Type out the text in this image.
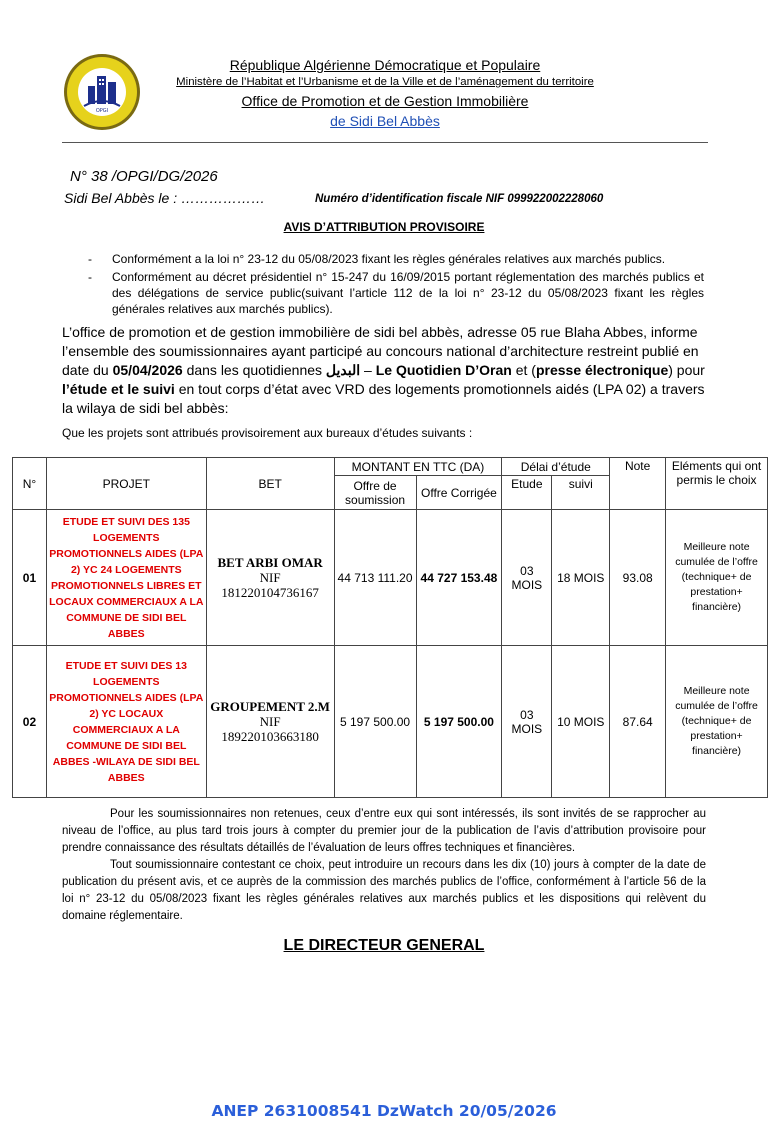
OPGI
République Algérienne Démocratique et Populaire
Ministère de l’Habitat et l’Urbanisme et de la Ville et de l’aménagement du territoire
Office de Promotion et de Gestion Immobilière
de Sidi Bel Abbès
N° 38 /OPGI/DG/2026
Sidi Bel Abbès le : ………………	Numéro d’identification fiscale NIF 099922002228060
AVIS D’ATTRIBUTION PROVISOIRE
-	Conformément a la loi n° 23-12 du 05/08/2023 fixant les règles générales relatives aux marchés publics.
-	Conformément au décret présidentiel n° 15-247 du 16/09/2015 portant réglementation des marchés publics et des délégations de service public(suivant l’article 112 de la loi n° 23-12 du 05/08/2023 fixant les règles générales relatives aux marchés publics).
L’office de promotion et de gestion immobilière de sidi bel abbès, adresse 05 rue Blaha Abbes, informe l’ensemble des soumissionnaires ayant participé au concours national d’architecture restreint publié en date du 05/04/2026 dans les quotidiennes البديل – Le Quotidien D’Oran et (presse électronique) pour l’étude et le suivi en tout corps d’état avec VRD des logements promotionnels aidés (LPA 02) a travers la wilaya de sidi bel abbès:
Que les projets sont attribués provisoirement aux bureaux d’études suivants :
N°	PROJET	BET	MONTANT EN TTC (DA)		Délai d’étude		Note	Eléments qui ont permis le choix
			Offre de soumission	Offre Corrigée	Etude	suivi		
01	ETUDE ET SUIVI DES 135 LOGEMENTS PROMOTIONNELS AIDES (LPA 2) YC 24 LOGEMENTS PROMOTIONNELS LIBRES ET LOCAUX COMMERCIAUX A LA COMMUNE DE SIDI BEL ABBES	BET ARBI OMAR
NIF
181220104736167	44 713 111.20	44 727 153.48	03 MOIS	18 MOIS	93.08	Meilleure note cumulée de l’offre (technique+ de prestation+ financière)
02	ETUDE ET SUIVI DES 13 LOGEMENTS PROMOTIONNELS AIDES (LPA 2) YC LOCAUX COMMERCIAUX A LA COMMUNE DE SIDI BEL ABBES -WILAYA DE SIDI BEL ABBES	GROUPEMENT 2.M
NIF
189220103663180	5 197 500.00	5 197 500.00	03 MOIS	10 MOIS	87.64	Meilleure note cumulée de l’offre (technique+ de prestation+ financière)

Pour les soumissionnaires non retenues, ceux d’entre eux qui sont intéressés, ils sont invités de se rapprocher au niveau de l’office, au plus tard trois jours à compter du premier jour de la publication de l’avis d’attribution provisoire pour prendre connaissance des résultats détaillés de l’évaluation de leurs offres techniques et financières.

Tout soumissionnaire contestant ce choix, peut introduire un recours dans les dix (10) jours à compter de la date de publication du présent avis, et ce auprès de la commission des marchés publics de l’office, conformément à l’article 56 de la loi n° 23-12 du 05/08/2023 fixant les règles générales relatives aux marchés publics et les dispositions qui relèvent du domaine réglementaire.

LE DIRECTEUR GENERAL
ANEP 2631008541 DzWatch 20/05/2026
